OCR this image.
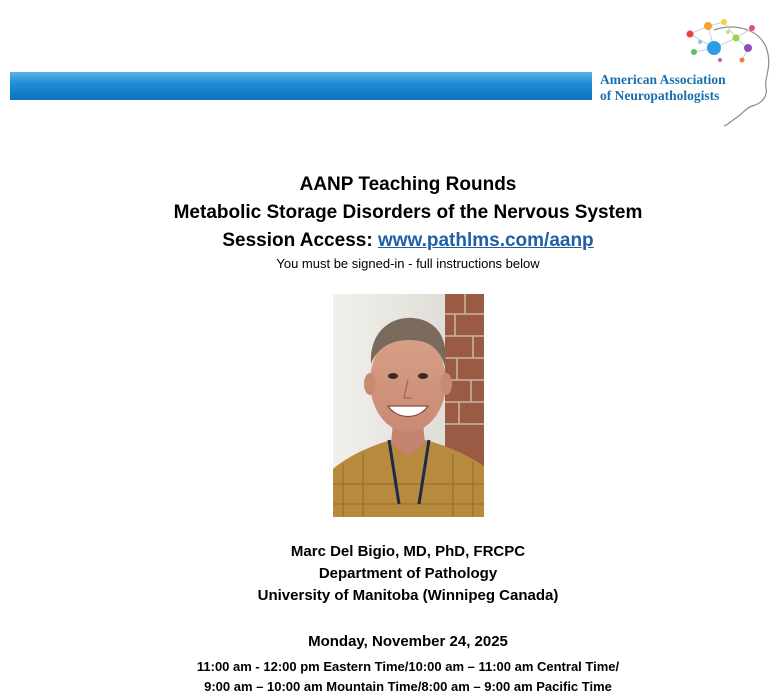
American Association
of Neuropathologists
AANP Teaching Rounds
Metabolic Storage Disorders of the Nervous System
Session Access: www.pathlms.com/aanp
You must be signed-in - full instructions below
Marc Del Bigio, MD, PhD, FRCPC
Department of Pathology
University of Manitoba (Winnipeg Canada)
Monday, November 24, 2025
11:00 am - 12:00 pm Eastern Time/10:00 am – 11:00 am Central Time/
9:00 am – 10:00 am Mountain Time/8:00 am – 9:00 am Pacific Time
